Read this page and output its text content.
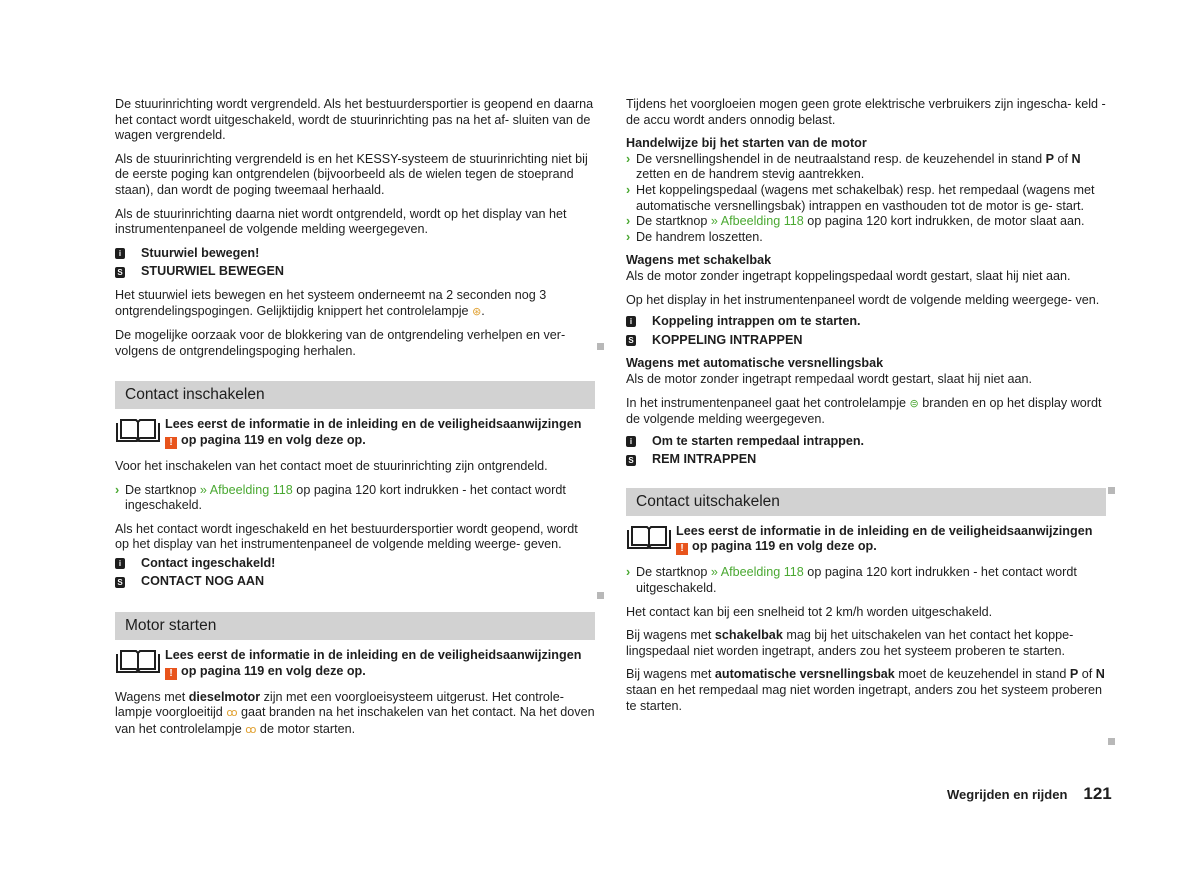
De stuurinrichting wordt vergrendeld. Als het bestuurdersportier is geopend en daarna het contact wordt uitgeschakeld, wordt de stuurinrichting pas na het af- sluiten van de wagen vergrendeld.

Als de stuurinrichting vergrendeld is en het KESSY-systeem de stuurinrichting niet bij de eerste poging kan ontgrendelen (bijvoorbeeld als de wielen tegen de stoeprand staan), dan wordt de poging tweemaal herhaald.

Als de stuurinrichting daarna niet wordt ontgrendeld, wordt op het display van het instrumentenpaneel de volgende melding weergegeven.

i	Stuurwiel bewegen!
S STUURWIEL BEWEGEN

Het stuurwiel iets bewegen en het systeem onderneemt na 2 seconden nog 3 ontgrendelingspogingen. Gelijktijdig knippert het controlelampje ⊛.

De mogelijke oorzaak voor de blokkering van de ontgrendeling verhelpen en ver- volgens de ontgrendelingspoging herhalen.

Contact inschakelen
Lees eerst de informatie in de inleiding en de veiligheidsaanwijzingen
! op pagina 119 en volg deze op.

Voor het inschakelen van het contact moet de stuurinrichting zijn ontgrendeld.

› De startknop » Afbeelding 118 op pagina 120 kort indrukken - het contact wordt ingeschakeld.

Als het contact wordt ingeschakeld en het bestuurdersportier wordt geopend, wordt op het display van het instrumentenpaneel de volgende melding weerge- geven.

i	Contact ingeschakeld!
S CONTACT NOG AAN
Motor starten
Lees eerst de informatie in de inleiding en de veiligheidsaanwijzingen
! op pagina 119 en volg deze op.

Wagens met dieselmotor zijn met een voorgloeisysteem uitgerust. Het controle- lampje voorgloeitijd ꝏ gaat branden na het inschakelen van het contact. Na het doven van het controlelampje ꝏ de motor starten.

Tijdens het voorgloeien mogen geen grote elektrische verbruikers zijn ingescha- keld - de accu wordt anders onnodig belast.

Handelwijze bij het starten van de motor
› De versnellingshendel in de neutraalstand resp. de keuzehendel in stand P of N zetten en de handrem stevig aantrekken.
› Het koppelingspedaal (wagens met schakelbak) resp. het rempedaal (wagens met automatische versnellingsbak) intrappen en vasthouden tot de motor is ge- start.
› De startknop » Afbeelding 118 op pagina 120 kort indrukken, de motor slaat aan.
› De handrem loszetten.
Wagens met schakelbak

Als de motor zonder ingetrapt koppelingspedaal wordt gestart, slaat hij niet aan.

Op het display in het instrumentenpaneel wordt de volgende melding weergege- ven.

i	Koppeling intrappen om te starten.
S KOPPELING INTRAPPEN
Wagens met automatische versnellingsbak

Als de motor zonder ingetrapt rempedaal wordt gestart, slaat hij niet aan.

In het instrumentenpaneel gaat het controlelampje ⊜ branden en op het display wordt de volgende melding weergegeven.

i	Om te starten rempedaal intrappen.
S REM INTRAPPEN
Contact uitschakelen
Lees eerst de informatie in de inleiding en de veiligheidsaanwijzingen
! op pagina 119 en volg deze op.
› De startknop » Afbeelding 118 op pagina 120 kort indrukken - het contact wordt uitgeschakeld.

Het contact kan bij een snelheid tot 2 km/h worden uitgeschakeld.

Bij wagens met schakelbak mag bij het uitschakelen van het contact het koppe- lingspedaal niet worden ingetrapt, anders zou het systeem proberen te starten.

Bij wagens met automatische versnellingsbak moet de keuzehendel in stand P of N staan en het rempedaal mag niet worden ingetrapt, anders zou het systeem proberen te starten.

Wegrijden en rijden 121
